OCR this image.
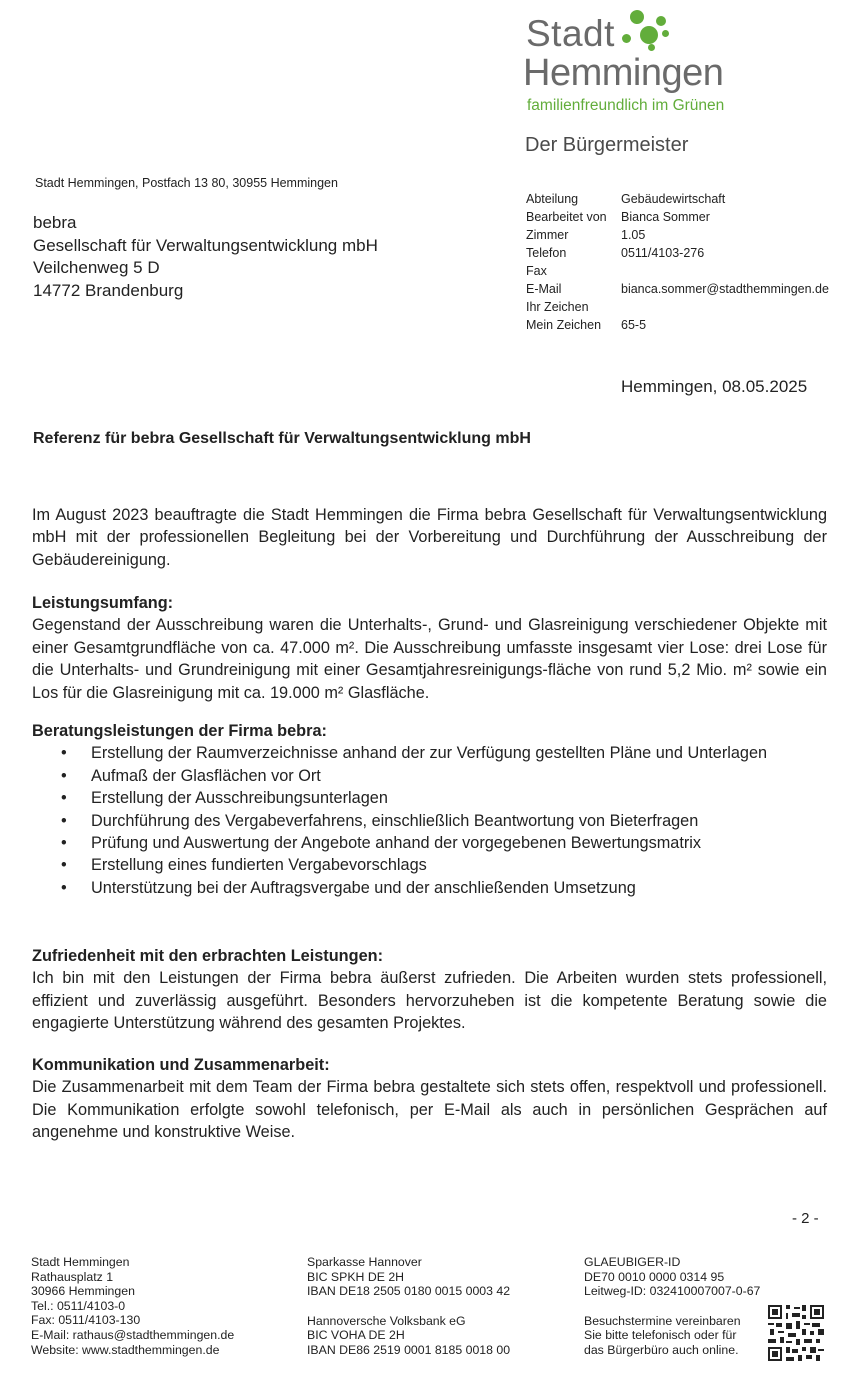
Stadt
Hemmingen
familienfreundlich im Grünen
Der Bürgermeister
Stadt Hemmingen, Postfach 13 80, 30955 Hemmingen
bebra
Gesellschaft für Verwaltungsentwicklung mbH
Veilchenweg 5 D
14772 Brandenburg
Abteilung	Gebäudewirtschaft
Bearbeitet von	Bianca Sommer
Zimmer	1.05
Telefon	0511/4103-276
Fax
E-Mail	bianca.sommer@stadthemmingen.de
Ihr Zeichen
Mein Zeichen	65-5
Hemmingen, 08.05.2025
Referenz für bebra Gesellschaft für Verwaltungsentwicklung mbH
Im August 2023 beauftragte die Stadt Hemmingen die Firma bebra Gesellschaft für Verwaltungsentwicklung mbH mit der professionellen Begleitung bei der Vorbereitung und Durchführung der Ausschreibung der Gebäudereinigung.
Leistungsumfang:
Gegenstand der Ausschreibung waren die Unterhalts-, Grund- und Glasreinigung verschiedener Objekte mit einer Gesamtgrundfläche von ca. 47.000 m². Die Ausschreibung umfasste insgesamt vier Lose: drei Lose für die Unterhalts- und Grundreinigung mit einer Gesamtjahresreinigungs-fläche von rund 5,2 Mio. m² sowie ein Los für die Glasreinigung mit ca. 19.000 m² Glasfläche.
Beratungsleistungen der Firma bebra:
• Erstellung der Raumverzeichnisse anhand der zur Verfügung gestellten Pläne und Unterlagen
• Aufmaß der Glasflächen vor Ort
• Erstellung der Ausschreibungsunterlagen
• Durchführung des Vergabeverfahrens, einschließlich Beantwortung von Bieterfragen
• Prüfung und Auswertung der Angebote anhand der vorgegebenen Bewertungsmatrix
• Erstellung eines fundierten Vergabevorschlags
• Unterstützung bei der Auftragsvergabe und der anschließenden Umsetzung
Zufriedenheit mit den erbrachten Leistungen:
Ich bin mit den Leistungen der Firma bebra äußerst zufrieden. Die Arbeiten wurden stets professionell, effizient und zuverlässig ausgeführt. Besonders hervorzuheben ist die kompetente Beratung sowie die engagierte Unterstützung während des gesamten Projektes.
Kommunikation und Zusammenarbeit:
Die Zusammenarbeit mit dem Team der Firma bebra gestaltete sich stets offen, respektvoll und professionell. Die Kommunikation erfolgte sowohl telefonisch, per E-Mail als auch in persönlichen Gesprächen auf angenehme und konstruktive Weise.
- 2 -
Stadt Hemmingen
Rathausplatz 1
30966 Hemmingen
Tel.: 0511/4103-0
Fax: 0511/4103-130
E-Mail: rathaus@stadthemmingen.de
Website: www.stadthemmingen.de
Sparkasse Hannover
BIC SPKH DE 2H
IBAN DE18 2505 0180 0015 0003 42
Hannoversche Volksbank eG
BIC VOHA DE 2H
IBAN DE86 2519 0001 8185 0018 00
GLAEUBIGER-ID
DE70 0010 0000 0314 95
Leitweg-ID: 032410007007-0-67
Besuchstermine vereinbaren
Sie bitte telefonisch oder für
das Bürgerbüro auch online.
